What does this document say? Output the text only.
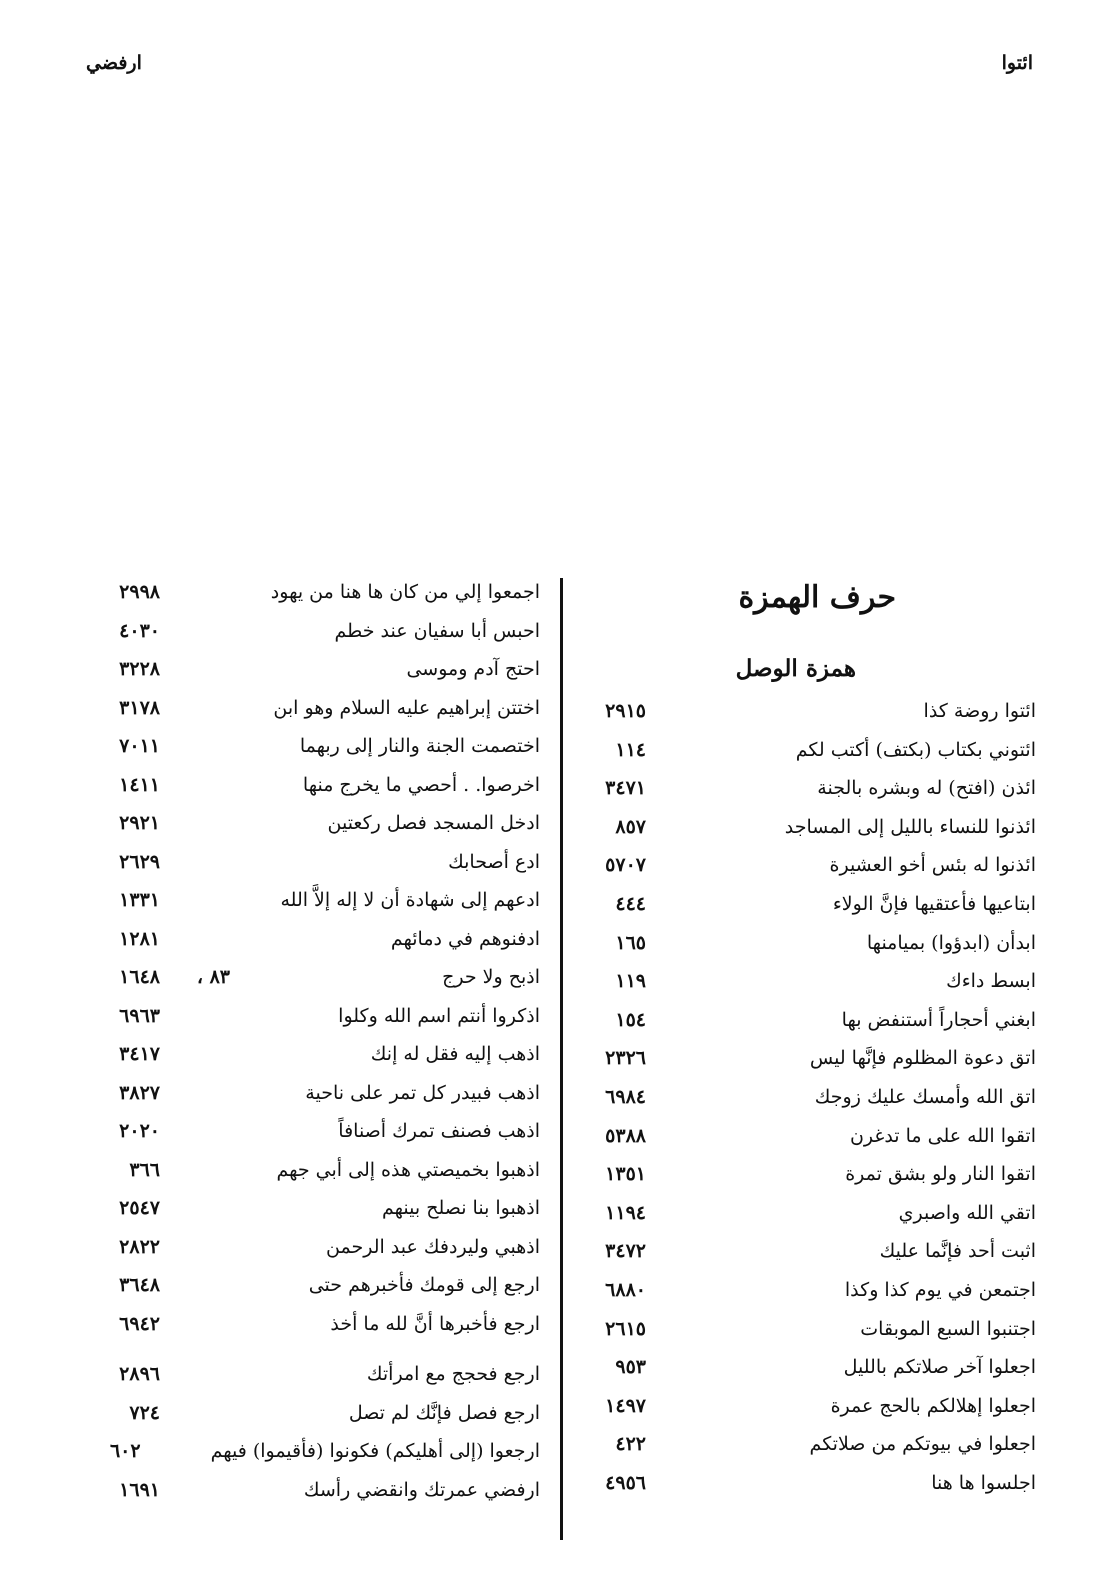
ائتوا
ارفضي
حرف الهمزة
همزة الوصل
ائتوا روضة كذا
٢٩١٥
ائتوني بكتاب (بكتف) أكتب لكم
١١٤
ائذن (افتح) له وبشره بالجنة
٣٤٧١
ائذنوا للنساء بالليل إلى المساجد
٨٥٧
ائذنوا له بئس أخو العشيرة
٥٧٠٧
ابتاعيها فأعتقيها فإنَّ الولاء
٤٤٤
ابدأن (ابدؤوا) بميامنها
١٦٥
ابسط داءك
١١٩
ابغني أحجاراً أستنفض بها
١٥٤
اتق دعوة المظلوم فإنَّها ليس
٢٣٢٦
اتق الله وأمسك عليك زوجك
٦٩٨٤
اتقوا الله على ما تدغرن
٥٣٨٨
اتقوا النار ولو بشق تمرة
١٣٥١
اتقي الله واصبري
١١٩٤
اثبت أحد فإنَّما عليك
٣٤٧٢
اجتمعن في يوم كذا وكذا
٦٨٨٠
اجتنبوا السبع الموبقات
٢٦١٥
اجعلوا آخر صلاتكم بالليل
٩٥٣
اجعلوا إهلالكم بالحج عمرة
١٤٩٧
اجعلوا في بيوتكم من صلاتكم
٤٢٢
اجلسوا ها هنا
٤٩٥٦
اجمعوا إلي من كان ها هنا من يهود
٢٩٩٨
احبس أبا سفيان عند خطم
٤٠٣٠
احتج آدم وموسى
٣٢٢٨
اختتن إبراهيم عليه السلام وهو ابن
٣١٧٨
اختصمت الجنة والنار إلى ربهما
٧٠١١
اخرصوا. . أحصي ما يخرج منها
١٤١١
ادخل المسجد فصل ركعتين
٢٩٢١
ادع أصحابك
٢٦٢٩
ادعهم إلى شهادة أن لا إله إلاَّ الله
١٣٣١
ادفنوهم في دمائهم
١٢٨١
اذبح ولا حرج
٨٣ ،
١٦٤٨
اذكروا أنتم اسم الله وكلوا
٦٩٦٣
اذهب إليه فقل له إنك
٣٤١٧
اذهب فبيدر كل تمر على ناحية
٣٨٢٧
اذهب فصنف تمرك أصنافاً
٢٠٢٠
اذهبوا بخميصتي هذه إلى أبي جهم
٣٦٦
اذهبوا بنا نصلح بينهم
٢٥٤٧
اذهبي وليردفك عبد الرحمن
٢٨٢٢
ارجع إلى قومك فأخبرهم حتى
٣٦٤٨
ارجع فأخبرها أنَّ لله ما أخذ
٦٩٤٢
ارجع فحجج مع امرأتك
٢٨٩٦
ارجع فصل فإنَّك لم تصل
٧٢٤
ارجعوا (إلى أهليكم) فكونوا (فأقيموا) فيهم
٦٠٢
ارفضي عمرتك وانقضي رأسك
١٦٩١
